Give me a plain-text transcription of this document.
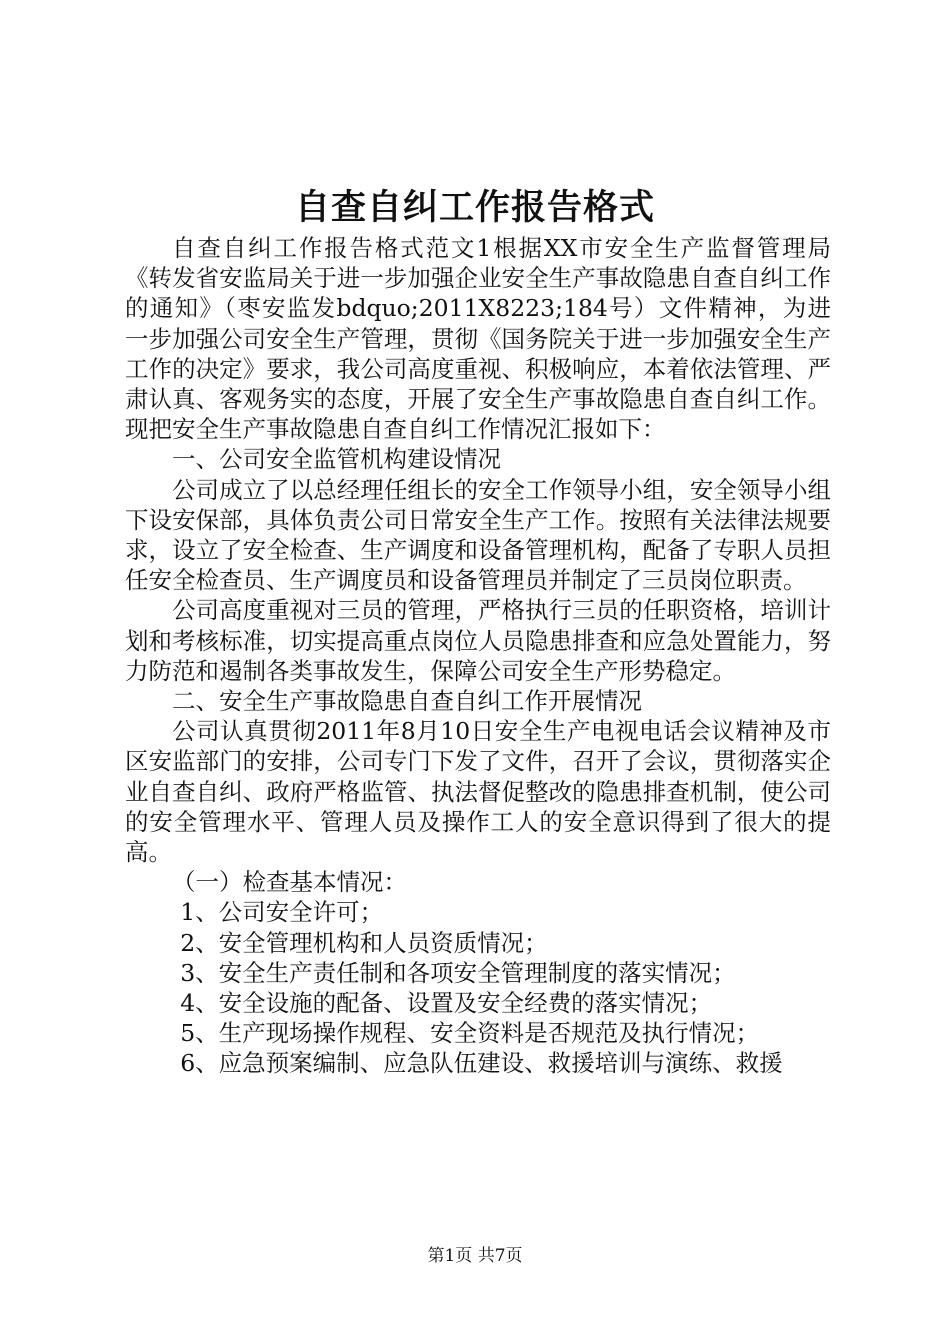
自查自纠工作报告格式

自查自纠工作报告格式范文1根据XX市安全生产监督管理局《转发省安监局关于进一步加强企业安全生产事故隐患自查自纠工作的通知》（枣安监发bdquo;2011X8223;184号）文件精神，为进一步加强公司安全生产管理，贯彻《国务院关于进一步加强安全生产工作的决定》要求，我公司高度重视、积极响应，本着依法管理、严肃认真、客观务实的态度，开展了安全生产事故隐患自查自纠工作。现把安全生产事故隐患自查自纠工作情况汇报如下：

一、公司安全监管机构建设情况

公司成立了以总经理任组长的安全工作领导小组，安全领导小组下设安保部，具体负责公司日常安全生产工作。按照有关法律法规要求，设立了安全检查、生产调度和设备管理机构，配备了专职人员担任安全检查员、生产调度员和设备管理员并制定了三员岗位职责。

公司高度重视对三员的管理，严格执行三员的任职资格，培训计划和考核标准，切实提高重点岗位人员隐患排查和应急处置能力，努力防范和遏制各类事故发生，保障公司安全生产形势稳定。

二、安全生产事故隐患自查自纠工作开展情况

公司认真贯彻2011年8月10日安全生产电视电话会议精神及市区安监部门的安排，公司专门下发了文件，召开了会议，贯彻落实企业自查自纠、政府严格监管、执法督促整改的隐患排查机制，使公司的安全管理水平、管理人员及操作工人的安全意识得到了很大的提高。

（一）检查基本情况：

1、公司安全许可；

2、安全管理机构和人员资质情况；

3、安全生产责任制和各项安全管理制度的落实情况；

4、安全设施的配备、设置及安全经费的落实情况；

5、生产现场操作规程、安全资料是否规范及执行情况；

6、应急预案编制、应急队伍建设、救援培训与演练、救援

第1页 共7页
